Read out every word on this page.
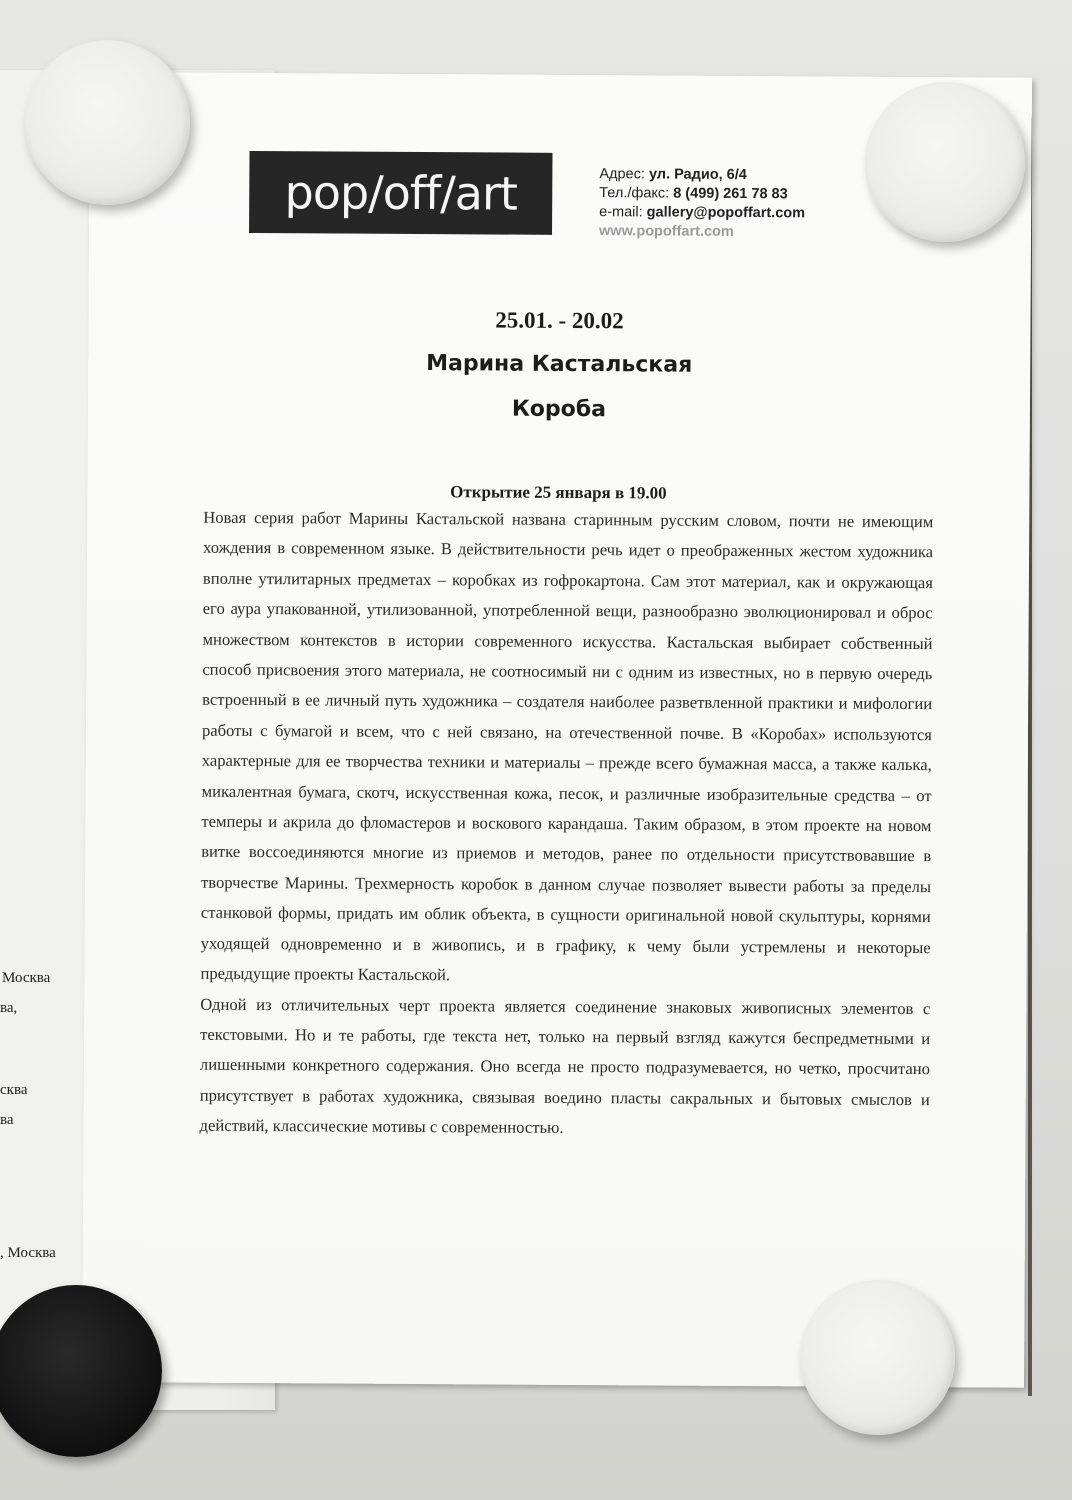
Москва
ва,
сква
ва
, Москва
pop/off/art	Адрес: ул. Радио, 6/4
Тел./факс: 8 (499) 261 78 83
e-mail: gallery@popoffart.com
www.popoffart.com
25.01. - 20.02
Марина Кастальская
Короба
Открытие 25 января в 19.00

Новая серия работ Марины Кастальской названа старинным русским словом, почти не имеющим хождения в современном языке. В действительности речь идет о преображенных жестом художника вполне утилитарных предметах – коробках из гофрокартона. Сам этот материал, как и окружающая его аура упакованной, утилизованной, употребленной вещи, разнообразно эволюционировал и оброс множеством контекстов в истории современного искусства. Кастальская выбирает собственный способ присвоения этого материала, не соотносимый ни с одним из известных, но в первую очередь встроенный в ее личный путь художника – создателя наиболее разветвленной практики и мифологии работы с бумагой и всем, что с ней связано, на отечественной почве. В «Коробах» используются характерные для ее творчества техники и материалы – прежде всего бумажная масса, а также калька, микалентная бумага, скотч, искусственная кожа, песок, и различные изобразительные средства – от темперы и акрила до фломастеров и воскового карандаша. Таким образом, в этом проекте на новом витке воссоединяются многие из приемов и методов, ранее по отдельности присутствовавшие в творчестве Марины. Трехмерность коробок в данном случае позволяет вывести работы за пределы станковой формы, придать им облик объекта, в сущности оригинальной новой скульптуры, корнями уходящей одновременно и в живопись, и в графику, к чему были устремлены и некоторые предыдущие проекты Кастальской.

Одной из отличительных черт проекта является соединение знаковых живописных элементов с текстовыми. Но и те работы, где текста нет, только на первый взгляд кажутся беспредметными и лишенными конкретного содержания. Оно всегда не просто подразумевается, но четко, просчитано присутствует в работах художника, связывая воедино пласты сакральных и бытовых смыслов и действий, классические мотивы с современностью.
